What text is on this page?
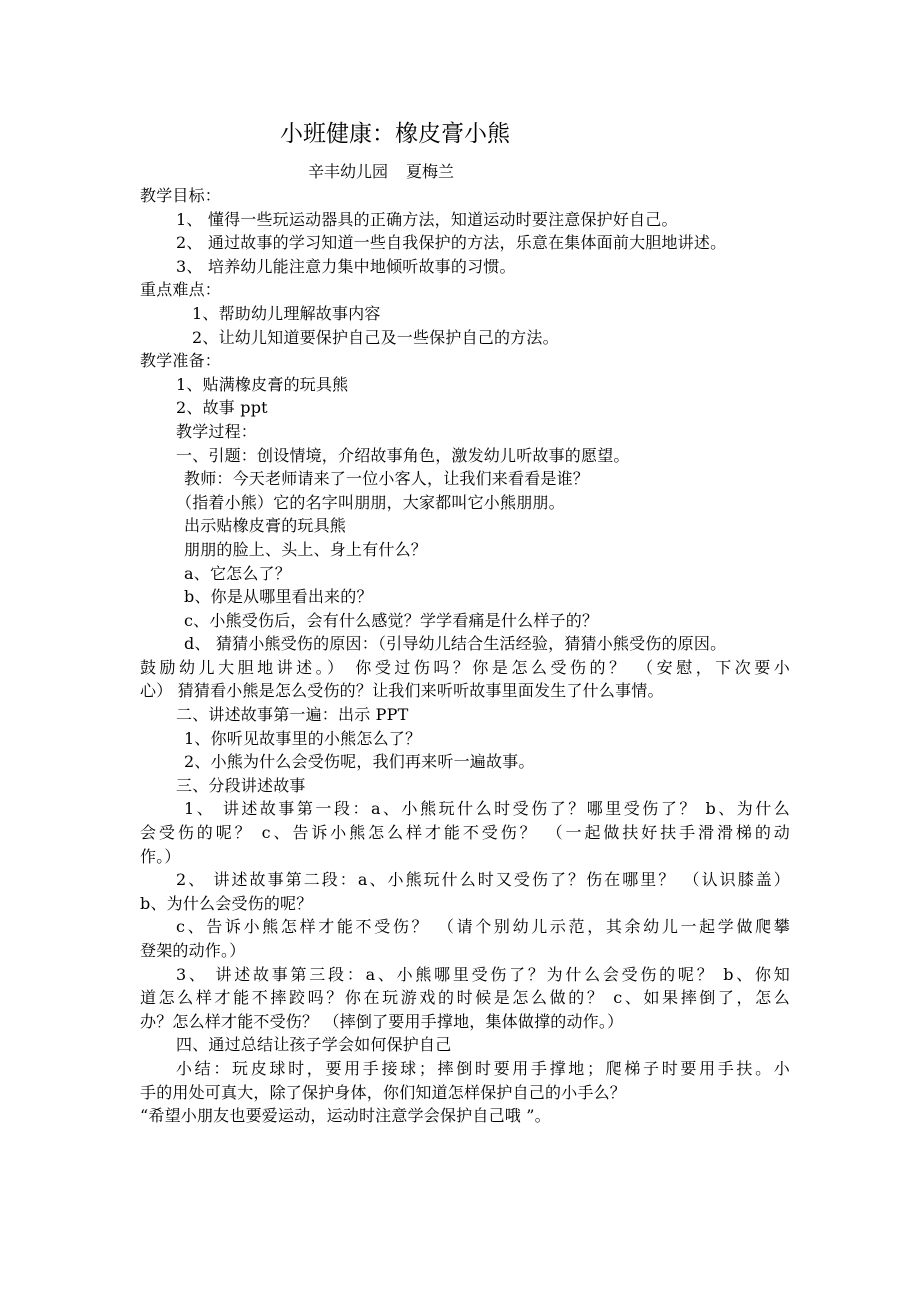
小班健康：橡皮膏小熊
辛丰幼儿园 夏梅兰
教学目标：
1、 懂得一些玩运动器具的正确方法，知道运动时要注意保护好自己。
2、 通过故事的学习知道一些自我保护的方法，乐意在集体面前大胆地讲述。
3、 培养幼儿能注意力集中地倾听故事的习惯。
重点难点：
1、帮助幼儿理解故事内容
2、让幼儿知道要保护自己及一些保护自己的方法。
教学准备：
1、贴满橡皮膏的玩具熊
2、故事 ppt
教学过程：
一、引题：创设情境，介绍故事角色，激发幼儿听故事的愿望。
教师：今天老师请来了一位小客人，让我们来看看是谁？
（指着小熊）它的名字叫朋朋，大家都叫它小熊朋朋。
出示贴橡皮膏的玩具熊
朋朋的脸上、头上、身上有什么？
a、它怎么了？
b、你是从哪里看出来的？
c、小熊受伤后，会有什么感觉？学学看痛是什么样子的？
d、 猜猜小熊受伤的原因：（引导幼儿结合生活经验，猜猜小熊受伤的原因。
鼓励幼儿大胆地讲述。） 你受过伤吗？你是怎么受伤的？ （安慰，下次要小
心） 猜猜看小熊是怎么受伤的？让我们来听听故事里面发生了什么事情。
二、讲述故事第一遍：出示 PPT
1、你听见故事里的小熊怎么了？
2、小熊为什么会受伤呢，我们再来听一遍故事。
三、分段讲述故事
1、 讲述故事第一段：a、小熊玩什么时受伤了？哪里受伤了？ b、为什么
会受伤的呢？ c、告诉小熊怎么样才能不受伤？ （一起做扶好扶手滑滑梯的动
作。）
2、 讲述故事第二段：a、小熊玩什么时又受伤了？伤在哪里？ （认识膝盖）
b、为什么会受伤的呢？
c、告诉小熊怎样才能不受伤？ （请个别幼儿示范，其余幼儿一起学做爬攀
登架的动作。）
3、 讲述故事第三段：a、小熊哪里受伤了？为什么会受伤的呢？ b、你知
道怎么样才能不摔跤吗？你在玩游戏的时候是怎么做的？ c、如果摔倒了，怎么
办？怎么样才能不受伤？ （摔倒了要用手撑地，集体做撑的动作。）
四、通过总结让孩子学会如何保护自己
小结：玩皮球时，要用手接球；摔倒时要用手撑地；爬梯子时要用手扶。小
手的用处可真大，除了保护身体，你们知道怎样保护自己的小手么？
“希望小朋友也要爱运动，运动时注意学会保护自己哦 ”。
